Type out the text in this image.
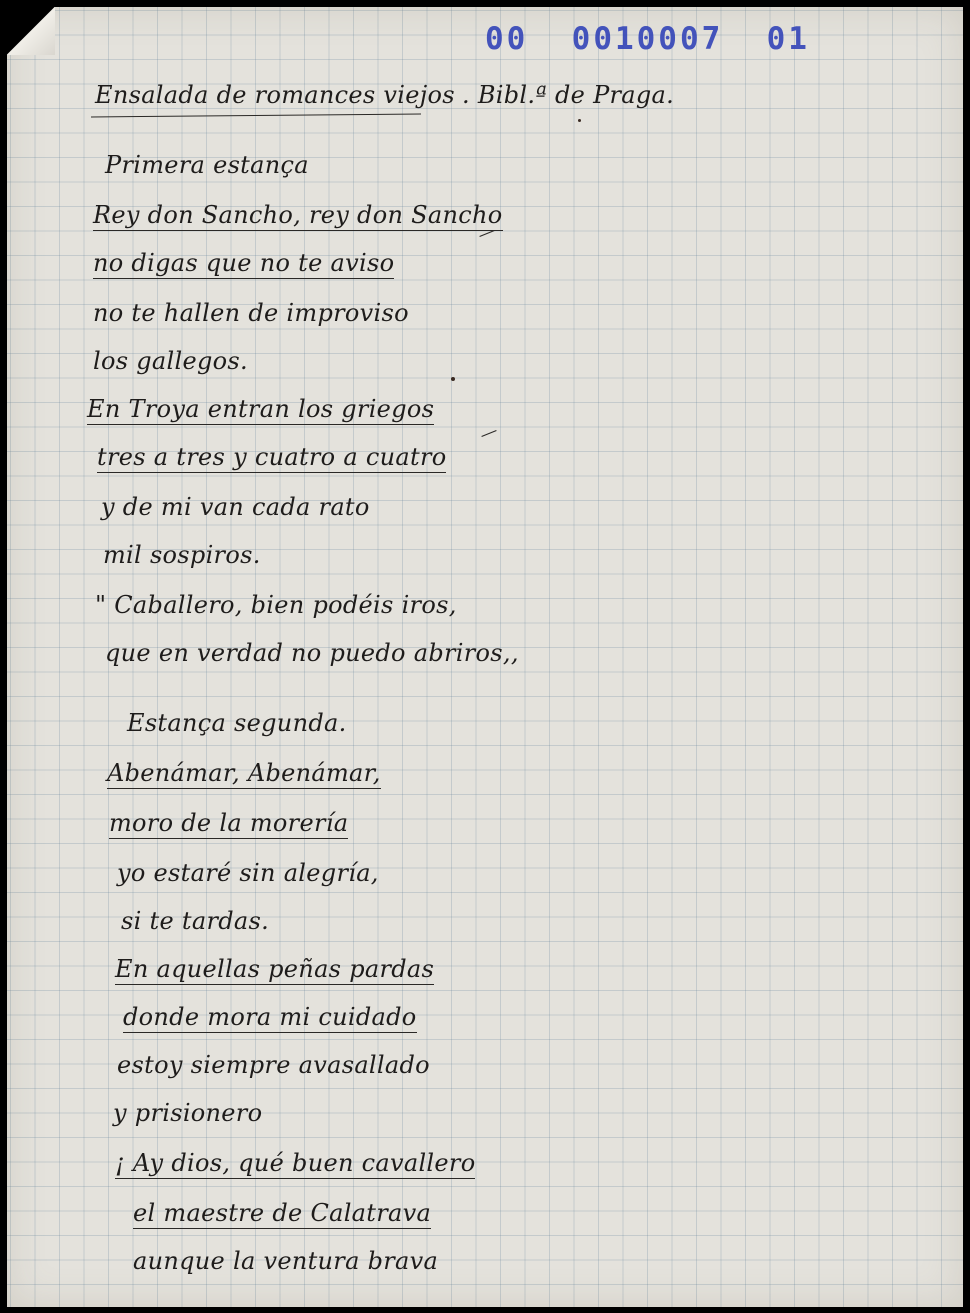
00  0010007  01
Ensalada de romances viejos . Bibl.ª de Praga.
Primera estança
Rey don Sancho, rey don Sancho
no digas que no te aviso
no te hallen de improviso
los gallegos.
En Troya entran los griegos
tres a tres y cuatro a cuatro
y de mi van cada rato
mil sospiros.
" Caballero, bien podéis iros,
que en verdad no puedo abriros,,
Estança segunda.
Abenámar, Abenámar,
moro de la morería
yo estaré sin alegría,
si te tardas.
En aquellas peñas pardas
donde mora mi cuidado
estoy siempre avasallado
y prisionero
¡ Ay dios, qué buen cavallero
el maestre de Calatrava
aunque la ventura brava
